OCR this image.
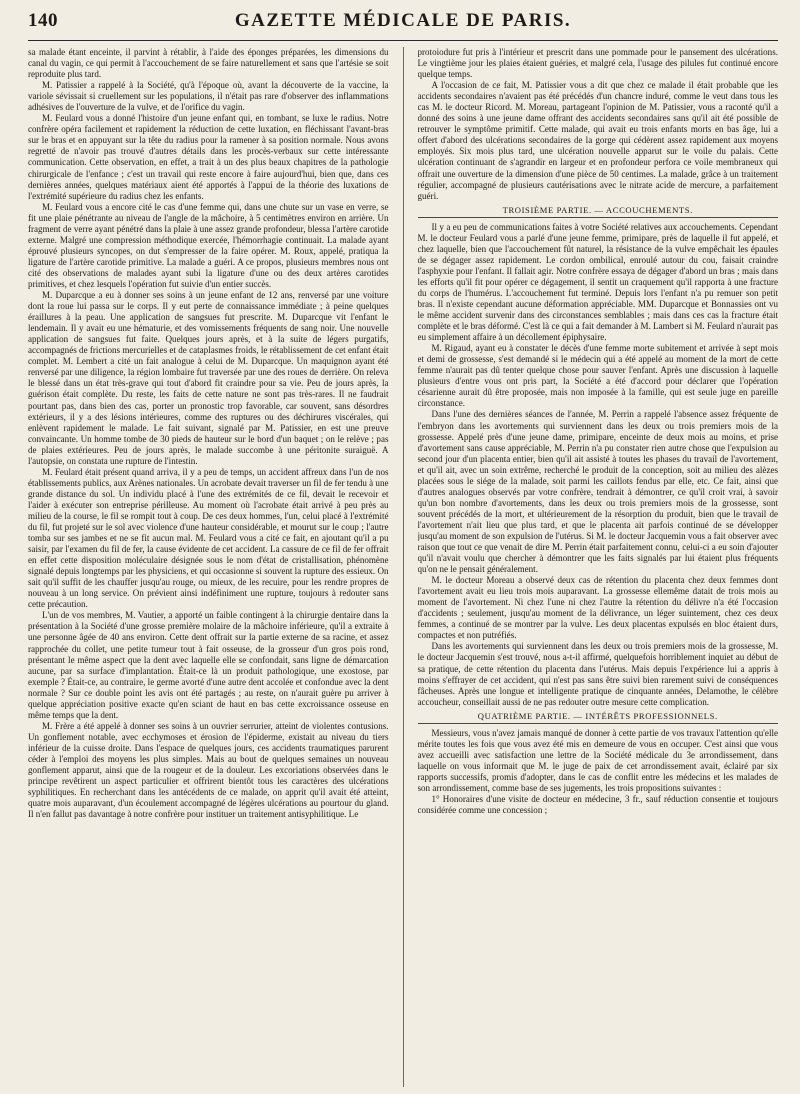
140	GAZETTE MÉDICALE DE PARIS.

sa malade étant enceinte, il parvint à rétablir, à l'aide des éponges préparées, les dimensions du canal du vagin, ce qui permit à l'accouchement de se faire naturellement et sans que l'artésie se soit reproduite plus tard.

M. Patissier a rappelé à la Société, qu'à l'époque où, avant la découverte de la vaccine, la variole sévissait si cruellement sur les populations, il n'était pas rare d'observer des inflammations adhésives de l'ouverture de la vulve, et de l'orifice du vagin.

M. Feulard vous a donné l'histoire d'un jeune enfant qui, en tombant, se luxe le radius. Notre confrère opéra facilement et rapidement la réduction de cette luxation, en fléchissant l'avant-bras sur le bras et en appuyant sur la tête du radius pour la ramener à sa position normale. Nous avons regretté de n'avoir pas trouvé d'autres détails dans les procès-verbaux sur cette intéressante communication. Cette observation, en effet, a trait à un des plus beaux chapitres de la pathologie chirurgicale de l'enfance ; c'est un travail qui reste encore à faire aujourd'hui, bien que, dans ces dernières années, quelques matériaux aient été apportés à l'appui de la théorie des luxations de l'extrémité supérieure du radius chez les enfants.

M. Feulard vous a encore cité le cas d'une femme qui, dans une chute sur un vase en verre, se fit une plaie pénétrante au niveau de l'angle de la mâchoire, à 5 centimètres environ en arrière. Un fragment de verre ayant pénétré dans la plaie à une assez grande profondeur, blessa l'artère carotide externe. Malgré une compression méthodique exercée, l'hémorrhagie continuait. La malade ayant éprouvé plusieurs syncopes, on dut s'empresser de la faire opérer. M. Roux, appelé, pratiqua la ligature de l'artère carotide primitive. La malade a guéri. A ce propos, plusieurs membres nous ont cité des observations de malades ayant subi la ligature d'une ou des deux artères carotides primitives, et chez lesquels l'opération fut suivie d'un entier succès.

M. Duparcque a eu à donner ses soins à un jeune enfant de 12 ans, renversé par une voiture dont la roue lui passa sur le corps. Il y eut perte de connaissance immédiate ; à peine quelques éraillures à la peau. Une application de sangsues fut prescrite. M. Duparcque vit l'enfant le lendemain. Il y avait eu une hématurie, et des vomissements fréquents de sang noir. Une nouvelle application de sangsues fut faite. Quelques jours après, et à la suite de légers purgatifs, accompagnés de frictions mercurielles et de cataplasmes froids, le rétablissement de cet enfant était complet. M. Lembert a cité un fait analogue à celui de M. Duparcque. Un maquignon ayant été renversé par une diligence, la région lombaire fut traversée par une des roues de derrière. On releva le blessé dans un état très-grave qui tout d'abord fit craindre pour sa vie. Peu de jours après, la guérison était complète. Du reste, les faits de cette nature ne sont pas très-rares. Il ne faudrait pourtant pas, dans bien des cas, porter un pronostic trop favorable, car souvent, sans désordres extérieurs, il y a des lésions intérieures, comme des ruptures ou des déchirures viscérales, qui enlèvent rapidement le malade. Le fait suivant, signalé par M. Patissier, en est une preuve convaincante. Un homme tombe de 30 pieds de hauteur sur le bord d'un baquet ; on le relève ; pas de plaies extérieures. Peu de jours après, le malade succombe à une péritonite suraiguë. A l'autopsie, on constata une rupture de l'intestin.

M. Feulard était présent quand arriva, il y a peu de temps, un accident affreux dans l'un de nos établissements publics, aux Arènes nationales. Un acrobate devait traverser un fil de fer tendu à une grande distance du sol. Un individu placé à l'une des extrémités de ce fil, devait le recevoir et l'aider à exécuter son entreprise périlleuse. Au moment où l'acrobate était arrivé à peu près au milieu de la course, le fil se rompit tout à coup. De ces deux hommes, l'un, celui placé à l'extrémité du fil, fut projeté sur le sol avec violence d'une hauteur considérable, et mourut sur le coup ; l'autre tomba sur ses jambes et ne se fit aucun mal. M. Feulard vous a cité ce fait, en ajoutant qu'il a pu saisir, par l'examen du fil de fer, la cause évidente de cet accident. La cassure de ce fil de fer offrait en effet cette disposition moléculaire désignée sous le nom d'état de cristallisation, phénomène signalé depuis longtemps par les physiciens, et qui occasionne si souvent la rupture des essieux. On sait qu'il suffit de les chauffer jusqu'au rouge, ou mieux, de les recuire, pour les rendre propres de nouveau à un long service. On prévient ainsi indéfiniment une rupture, toujours à redouter sans cette précaution.

L'un de vos membres, M. Vautier, a apporté un faible contingent à la chirurgie dentaire dans la présentation à la Société d'une grosse première molaire de la mâchoire inférieure, qu'il a extraite à une personne âgée de 40 ans environ. Cette dent offrait sur la partie externe de sa racine, et assez rapprochée du collet, une petite tumeur tout à fait osseuse, de la grosseur d'un gros pois rond, présentant le même aspect que la dent avec laquelle elle se confondait, sans ligne de démarcation aucune, par sa surface d'implantation. Était-ce là un produit pathologique, une exostose, par exemple ? Était-ce, au contraire, le germe avorté d'une autre dent accolée et confondue avec la dent normale ? Sur ce double point les avis ont été partagés ; au reste, on n'aurait guère pu arriver à quelque appréciation positive exacte qu'en sciant de haut en bas cette excroissance osseuse en même temps que la dent.

M. Frère a été appelé à donner ses soins à un ouvrier serrurier, atteint de violentes contusions. Un gonflement notable, avec ecchymoses et érosion de l'épiderme, existait au niveau du tiers inférieur de la cuisse droite. Dans l'espace de quelques jours, ces accidents traumatiques parurent céder à l'emploi des moyens les plus simples. Mais au bout de quelques semaines un nouveau gonflement apparut, ainsi que de la rougeur et de la douleur. Les excoriations observées dans le principe revêtirent un aspect particulier et offrirent bientôt tous les caractères des ulcérations syphilitiques. En recherchant dans les antécédents de ce malade, on apprit qu'il avait été atteint, quatre mois auparavant, d'un écoulement accompagné de légères ulcérations au pourtour du gland. Il n'en fallut pas davantage à notre confrère pour instituer un traitement antisyphilitique. Le

protoiodure fut pris à l'intérieur et prescrit dans une pommade pour le pansement des ulcérations. Le vingtième jour les plaies étaient guéries, et malgré cela, l'usage des pilules fut continué encore quelque temps.

A l'occasion de ce fait, M. Patissier vous a dit que chez ce malade il était probable que les accidents secondaires n'avaient pas été précédés d'un chancre induré, comme le veut dans tous les cas M. le docteur Ricord. M. Moreau, partageant l'opinion de M. Patissier, vous a raconté qu'il a donné des soins à une jeune dame offrant des accidents secondaires sans qu'il ait été possible de retrouver le symptôme primitif. Cette malade, qui avait eu trois enfants morts en bas âge, lui a offert d'abord des ulcérations secondaires de la gorge qui cédèrent assez rapidement aux moyens employés. Six mois plus tard, une ulcération nouvelle apparut sur le voile du palais. Cette ulcération continuant de s'agrandir en largeur et en profondeur perfora ce voile membraneux qui offrait une ouverture de la dimension d'une pièce de 50 centimes. La malade, grâce à un traitement régulier, accompagné de plusieurs cautérisations avec le nitrate acide de mercure, a parfaitement guéri.

TROISIÈME PARTIE. — ACCOUCHEMENTS.

Il y a eu peu de communications faites à votre Société relatives aux accouchements. Cependant M. le docteur Feulard vous a parlé d'une jeune femme, primipare, près de laquelle il fut appelé, et chez laquelle, bien que l'accouchement fût naturel, la résistance de la vulve empêchait les épaules de se dégager assez rapidement. Le cordon ombilical, enroulé autour du cou, faisait craindre l'asphyxie pour l'enfant. Il fallait agir. Notre confrère essaya de dégager d'abord un bras ; mais dans les efforts qu'il fit pour opérer ce dégagement, il sentit un craquement qu'il rapporta à une fracture du corps de l'humérus. L'accouchement fut terminé. Depuis lors l'enfant n'a pu remuer son petit bras. Il n'existe cependant aucune déformation appréciable. MM. Duparcque et Bonnassies ont vu le même accident survenir dans des circonstances semblables ; mais dans ces cas la fracture était complète et le bras déformé. C'est là ce qui a fait demander à M. Lambert si M. Feulard n'aurait pas eu simplement affaire à un décollement épiphysaire.

M. Rigaud, ayant eu à constater le décès d'une femme morte subitement et arrivée à sept mois et demi de grossesse, s'est demandé si le médecin qui a été appelé au moment de la mort de cette femme n'aurait pas dû tenter quelque chose pour sauver l'enfant. Après une discussion à laquelle plusieurs d'entre vous ont pris part, la Société a été d'accord pour déclarer que l'opération césarienne aurait dû être proposée, mais non imposée à la famille, qui est seule juge en pareille circonstance.

Dans l'une des dernières séances de l'année, M. Perrin a rappelé l'absence assez fréquente de l'embryon dans les avortements qui surviennent dans les deux ou trois premiers mois de la grossesse. Appelé près d'une jeune dame, primipare, enceinte de deux mois au moins, et prise d'avortement sans cause appréciable, M. Perrin n'a pu constater rien autre chose que l'expulsion au second jour d'un placenta entier, bien qu'il ait assisté à toutes les phases du travail de l'avortement, et qu'il ait, avec un soin extrême, recherché le produit de la conception, soit au milieu des alèzes placées sous le siége de la malade, soit parmi les caillots fendus par elle, etc. Ce fait, ainsi que d'autres analogues observés par votre confrère, tendrait à démontrer, ce qu'il croit vrai, à savoir qu'un bon nombre d'avortements, dans les deux ou trois premiers mois de la grossesse, sont souvent précédés de la mort, et ultérieurement de la résorption du produit, bien que le travail de l'avortement n'ait lieu que plus tard, et que le placenta ait parfois continué de se développer jusqu'au moment de son expulsion de l'utérus. Si M. le docteur Jacquemin vous a fait observer avec raison que tout ce que venait de dire M. Perrin était parfaitement connu, celui-ci a eu soin d'ajouter qu'il n'avait voulu que chercher à démontrer que les faits signalés par lui étaient plus fréquents qu'on ne le pensait généralement.

M. le docteur Moreau a observé deux cas de rétention du placenta chez deux femmes dont l'avortement avait eu lieu trois mois auparavant. La grossesse ellemême datait de trois mois au moment de l'avortement. Ni chez l'une ni chez l'autre la rétention du délivre n'a été l'occasion d'accidents ; seulement, jusqu'au moment de la délivrance, un léger suintement, chez ces deux femmes, a continué de se montrer par la vulve. Les deux placentas expulsés en bloc étaient durs, compactes et non putréfiés.

Dans les avortements qui surviennent dans les deux ou trois premiers mois de la grossesse, M. le docteur Jacquemin s'est trouvé, nous a-t-il affirmé, quelquefois horriblement inquiet au début de sa pratique, de cette rétention du placenta dans l'utérus. Mais depuis l'expérience lui a appris à moins s'effrayer de cet accident, qui n'est pas sans être suivi bien rarement suivi de conséquences fâcheuses. Après une longue et intelligente pratique de cinquante années, Delamothe, le célèbre accoucheur, conseillait aussi de ne pas redouter outre mesure cette complication.

QUATRIÈME PARTIE. — INTÉRÊTS PROFESSIONNELS.

Messieurs, vous n'avez jamais manqué de donner à cette partie de vos travaux l'attention qu'elle mérite toutes les fois que vous avez été mis en demeure de vous en occuper. C'est ainsi que vous avez accueilli avec satisfaction une lettre de la Société médicale du 3e arrondissement, dans laquelle on vous informait que M. le juge de paix de cet arrondissement avait, éclairé par six rapports successifs, promis d'adopter, dans le cas de conflit entre les médecins et les malades de son arrondissement, comme base de ses jugements, les trois propositions suivantes :

1° Honoraires d'une visite de docteur en médecine, 3 fr., sauf réduction consentie et toujours considérée comme une concession ;
